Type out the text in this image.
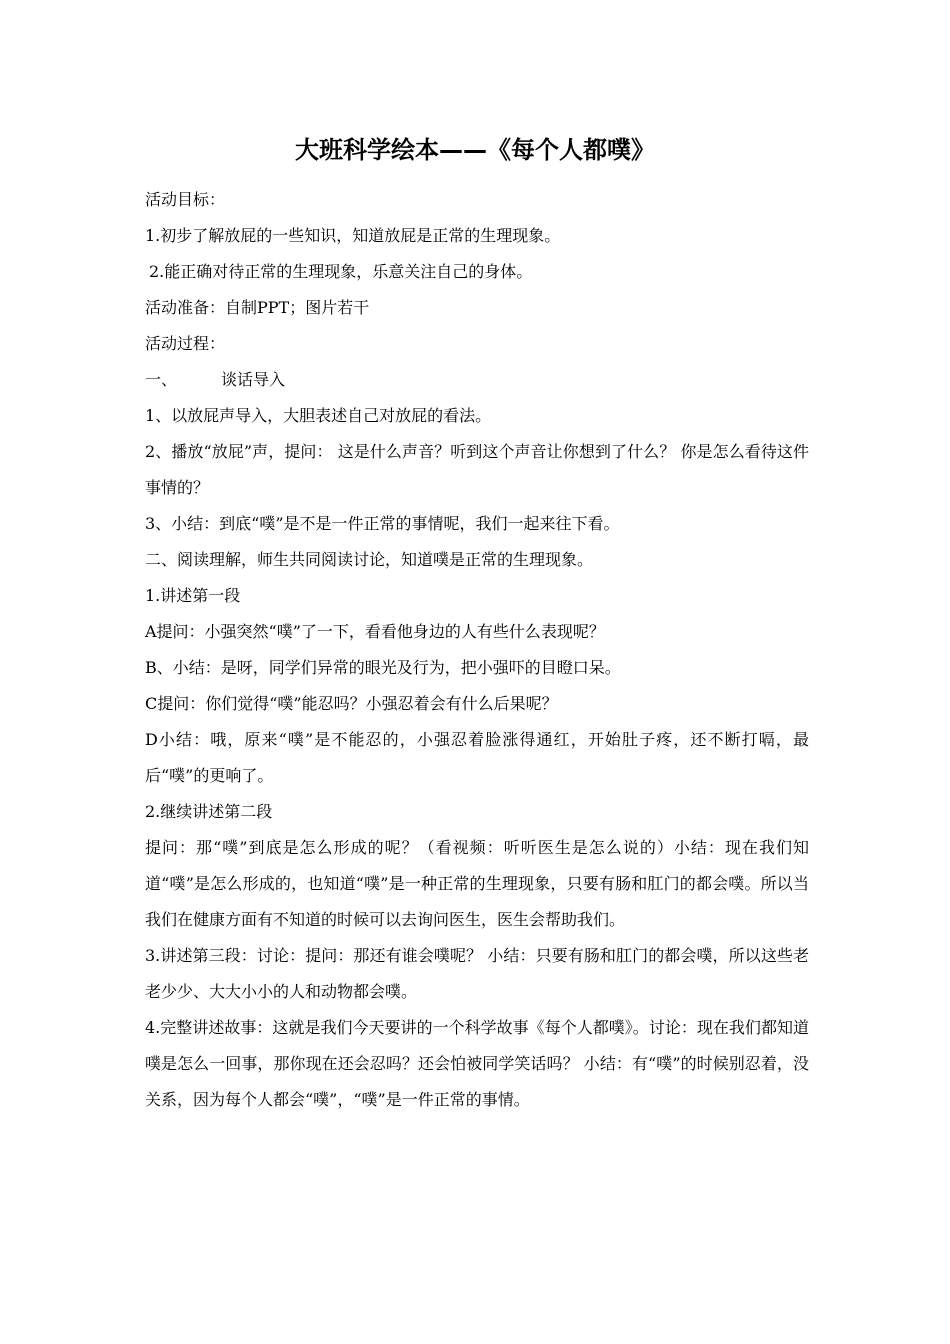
大班科学绘本——《每个人都噗》

活动目标：

1.初步了解放屁的一些知识，知道放屁是正常的生理现象。

2.能正确对待正常的生理现象，乐意关注自己的身体。

活动准备：自制PPT；图片若干

活动过程：

一、	谈话导入

1、以放屁声导入，大胆表述自己对放屁的看法。

2、播放“放屁”声，提问： 这是什么声音？听到这个声音让你想到了什么？ 你是怎么看待这件事情的？

3、小结：到底“噗”是不是一件正常的事情呢，我们一起来往下看。

二、阅读理解，师生共同阅读讨论，知道噗是正常的生理现象。

1.讲述第一段

A提问：小强突然“噗”了一下，看看他身边的人有些什么表现呢？

B、小结：是呀，同学们异常的眼光及行为，把小强吓的目瞪口呆。

C提问：你们觉得“噗”能忍吗？小强忍着会有什么后果呢？

D小结：哦，原来“噗”是不能忍的，小强忍着脸涨得通红，开始肚子疼，还不断打嗝，最后“噗”的更响了。

2.继续讲述第二段

提问：那“噗”到底是怎么形成的呢？（看视频：听听医生是怎么说的）小结：现在我们知道“噗”是怎么形成的，也知道“噗”是一种正常的生理现象，只要有肠和肛门的都会噗。所以当我们在健康方面有不知道的时候可以去询问医生，医生会帮助我们。

3.讲述第三段：讨论：提问：那还有谁会噗呢？ 小结：只要有肠和肛门的都会噗，所以这些老老少少、大大小小的人和动物都会噗。

4.完整讲述故事：这就是我们今天要讲的一个科学故事《每个人都噗》。讨论：现在我们都知道噗是怎么一回事，那你现在还会忍吗？还会怕被同学笑话吗？ 小结：有“噗”的时候别忍着，没关系，因为每个人都会“噗”，“噗”是一件正常的事情。
